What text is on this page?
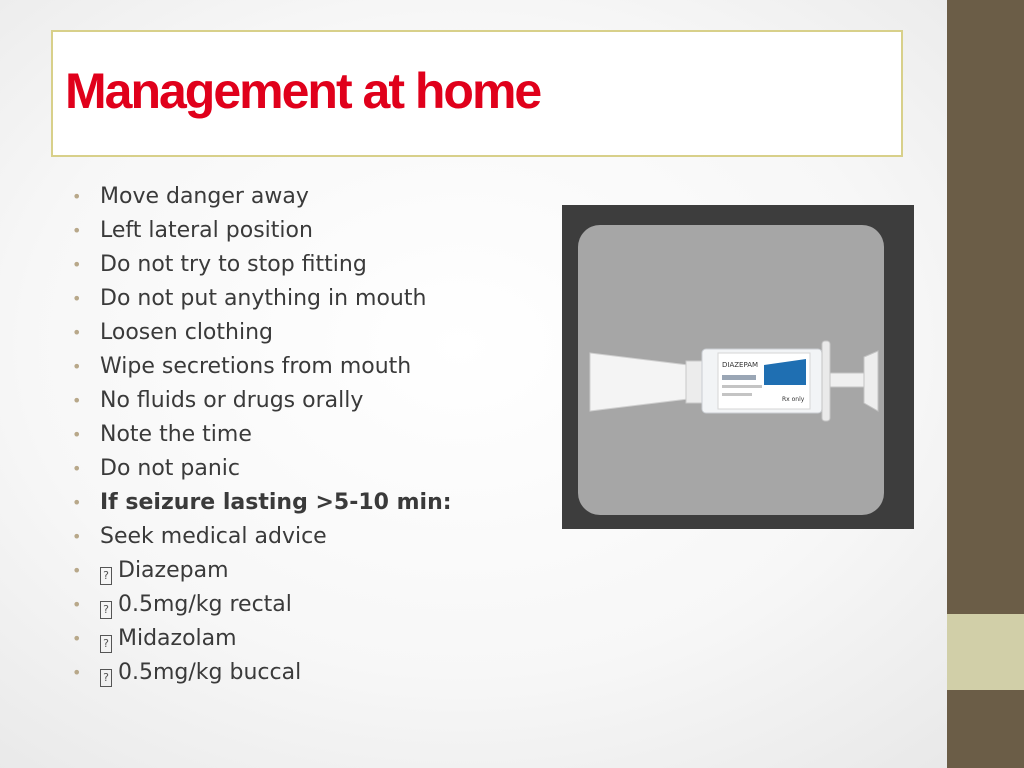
Management at home
• Move danger away
• Left lateral position
• Do not try to stop fitting
• Do not put anything in mouth
• Loosen clothing
• Wipe secretions from mouth
• No fluids or drugs orally
• Note the time
• Do not panic
• If seizure lasting >5-10 min:
• Seek medical advice
• ? Diazepam
• ? 0.5mg/kg rectal
• ? Midazolam
• ? 0.5mg/kg buccal
DIAZEPAM
Rx only
